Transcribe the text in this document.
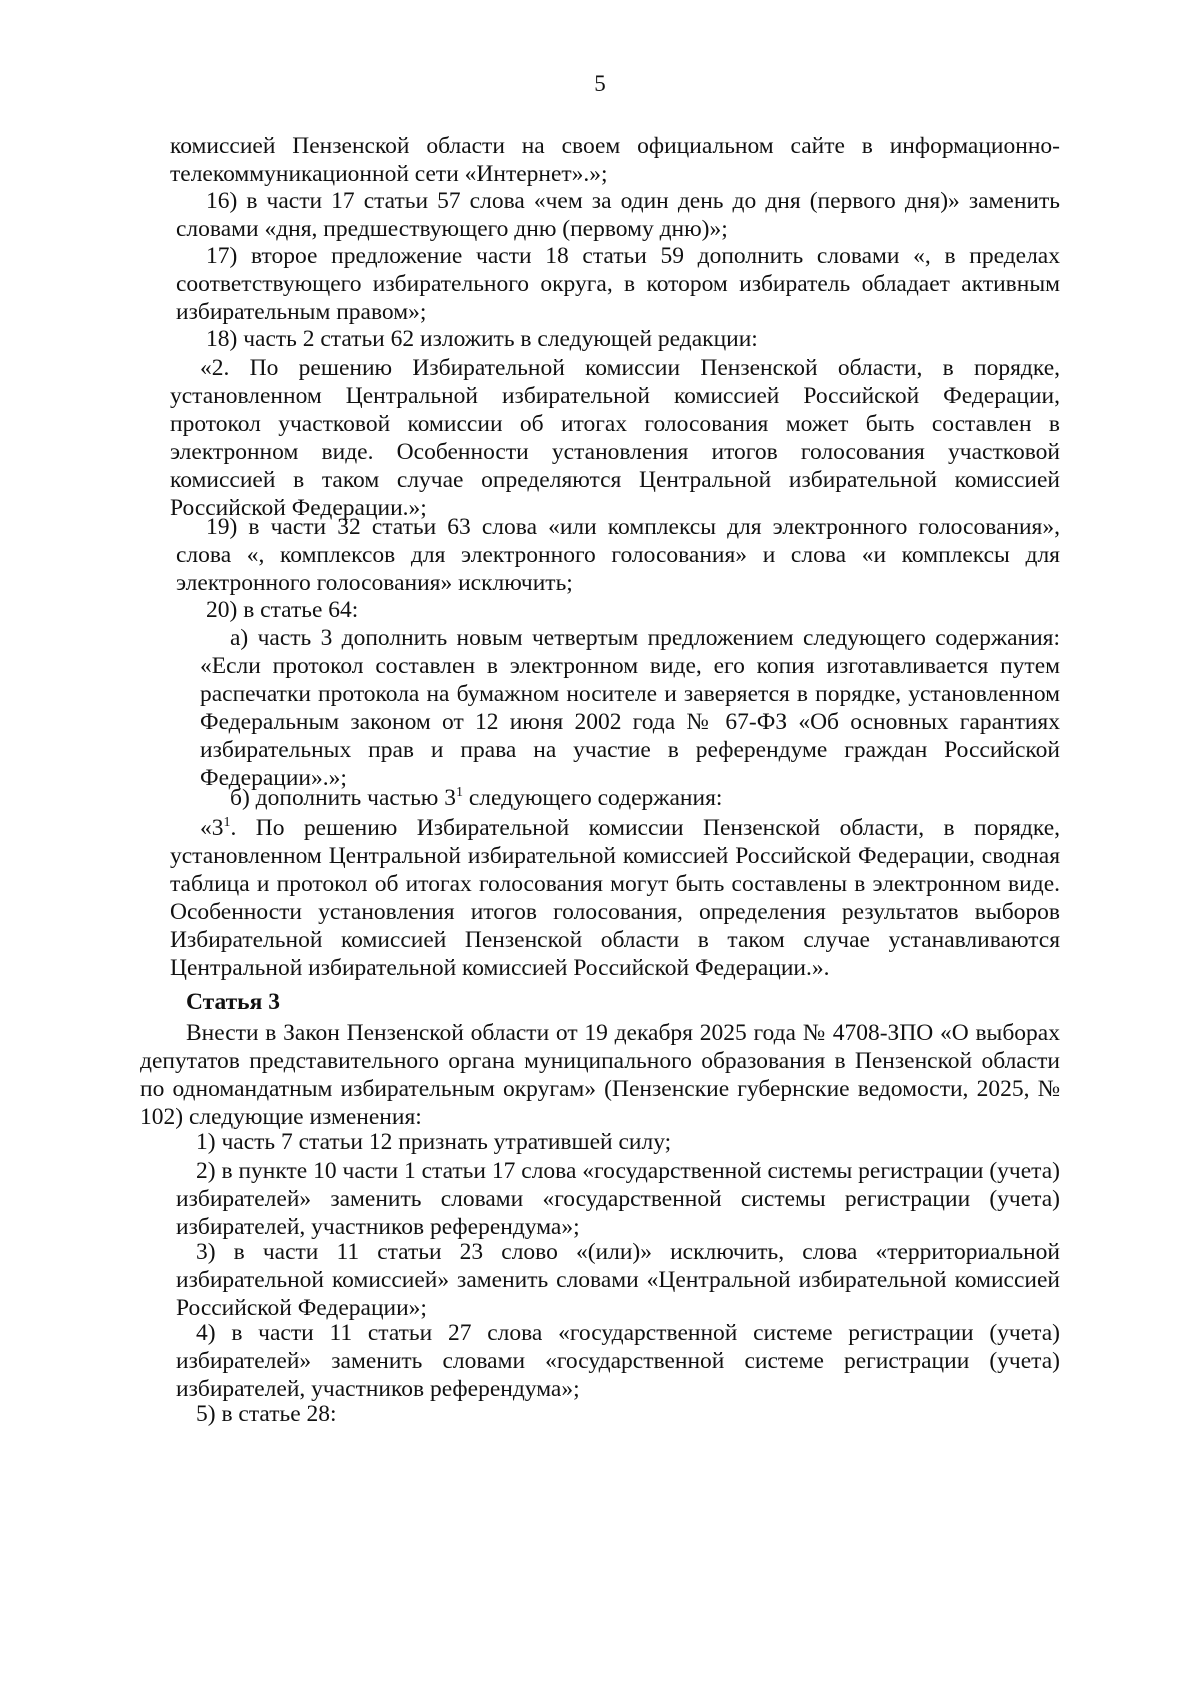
5
комиссией Пензенской области на своем официальном сайте в информационно-телекоммуникационной сети «Интернет».»;
16) в части 17 статьи 57 слова «чем за один день до дня (первого дня)» заменить словами «дня, предшествующего дню (первому дню)»;
17) второе предложение части 18 статьи 59 дополнить словами «, в пределах соответствующего избирательного округа, в котором избиратель обладает активным избирательным правом»;
18) часть 2 статьи 62 изложить в следующей редакции:
«2. По решению Избирательной комиссии Пензенской области, в порядке, установленном Центральной избирательной комиссией Российской Федерации, протокол участковой комиссии об итогах голосования может быть составлен в электронном виде. Особенности установления итогов голосования участковой комиссией в таком случае определяются Центральной избирательной комиссией Российской Федерации.»;
19) в части 32 статьи 63 слова «или комплексы для электронного голосования», слова «, комплексов для электронного голосования» и слова «и комплексы для электронного голосования» исключить;
20) в статье 64:
а) часть 3 дополнить новым четвертым предложением следующего содержания: «Если протокол составлен в электронном виде, его копия изготавливается путем распечатки протокола на бумажном носителе и заверяется в порядке, установленном Федеральным законом от 12 июня 2002 года № 67-ФЗ «Об основных гарантиях избирательных прав и права на участие в референдуме граждан Российской Федерации».»;
б) дополнить частью $3^1$ следующего содержания:
«$3^1$. По решению Избирательной комиссии Пензенской области, в порядке, установленном Центральной избирательной комиссией Российской Федерации, сводная таблица и протокол об итогах голосования могут быть составлены в электронном виде. Особенности установления итогов голосования, определения результатов выборов Избирательной комиссией Пензенской области в таком случае устанавливаются Центральной избирательной комиссией Российской Федерации.».
Статья 3
Внести в Закон Пензенской области от 19 декабря 2025 года № 4708-ЗПО «О выборах депутатов представительного органа муниципального образования в Пензенской области по одномандатным избирательным округам» (Пензенские губернские ведомости, 2025, № 102) следующие изменения:
1) часть 7 статьи 12 признать утратившей силу;
2) в пункте 10 части 1 статьи 17 слова «государственной системы регистрации (учета) избирателей» заменить словами «государственной системы регистрации (учета) избирателей, участников референдума»;
3) в части 11 статьи 23 слово «(или)» исключить, слова «территориальной избирательной комиссией» заменить словами «Центральной избирательной комиссией Российской Федерации»;
4) в части 11 статьи 27 слова «государственной системе регистрации (учета) избирателей» заменить словами «государственной системе регистрации (учета) избирателей, участников референдума»;
5) в статье 28:
